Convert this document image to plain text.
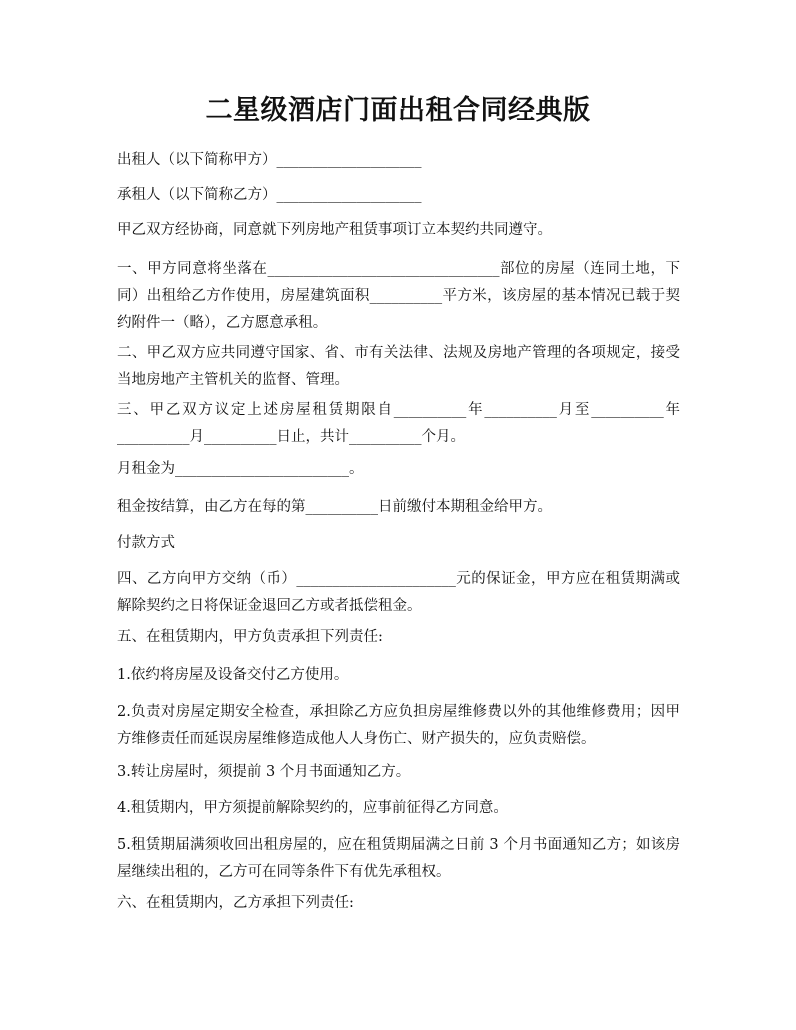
二星级酒店门面出租合同经典版

出租人（以下简称甲方）____________________

承租人（以下简称乙方）____________________

甲乙双方经协商，同意就下列房地产租赁事项订立本契约共同遵守。

一、甲方同意将坐落在________________________________部位的房屋（连同土地，下同）出租给乙方作使用，房屋建筑面积__________平方米，该房屋的基本情况已载于契约附件一（略），乙方愿意承租。

二、甲乙双方应共同遵守国家、省、市有关法律、法规及房地产管理的各项规定，接受当地房地产主管机关的监督、管理。

三、甲乙双方议定上述房屋租赁期限自__________年__________月至__________年__________月__________日止，共计__________个月。

月租金为________________________。

租金按结算，由乙方在每的第__________日前缴付本期租金给甲方。

付款方式

四、乙方向甲方交纳（币）______________________元的保证金，甲方应在租赁期满或解除契约之日将保证金退回乙方或者抵偿租金。

五、在租赁期内，甲方负责承担下列责任:

1.依约将房屋及设备交付乙方使用。

2.负责对房屋定期安全检查，承担除乙方应负担房屋维修费以外的其他维修费用；因甲方维修责任而延误房屋维修造成他人人身伤亡、财产损失的，应负责赔偿。

3.转让房屋时，须提前 3 个月书面通知乙方。

4.租赁期内，甲方须提前解除契约的，应事前征得乙方同意。

5.租赁期届满须收回出租房屋的，应在租赁期届满之日前 3 个月书面通知乙方；如该房屋继续出租的，乙方可在同等条件下有优先承租权。

六、在租赁期内，乙方承担下列责任:
